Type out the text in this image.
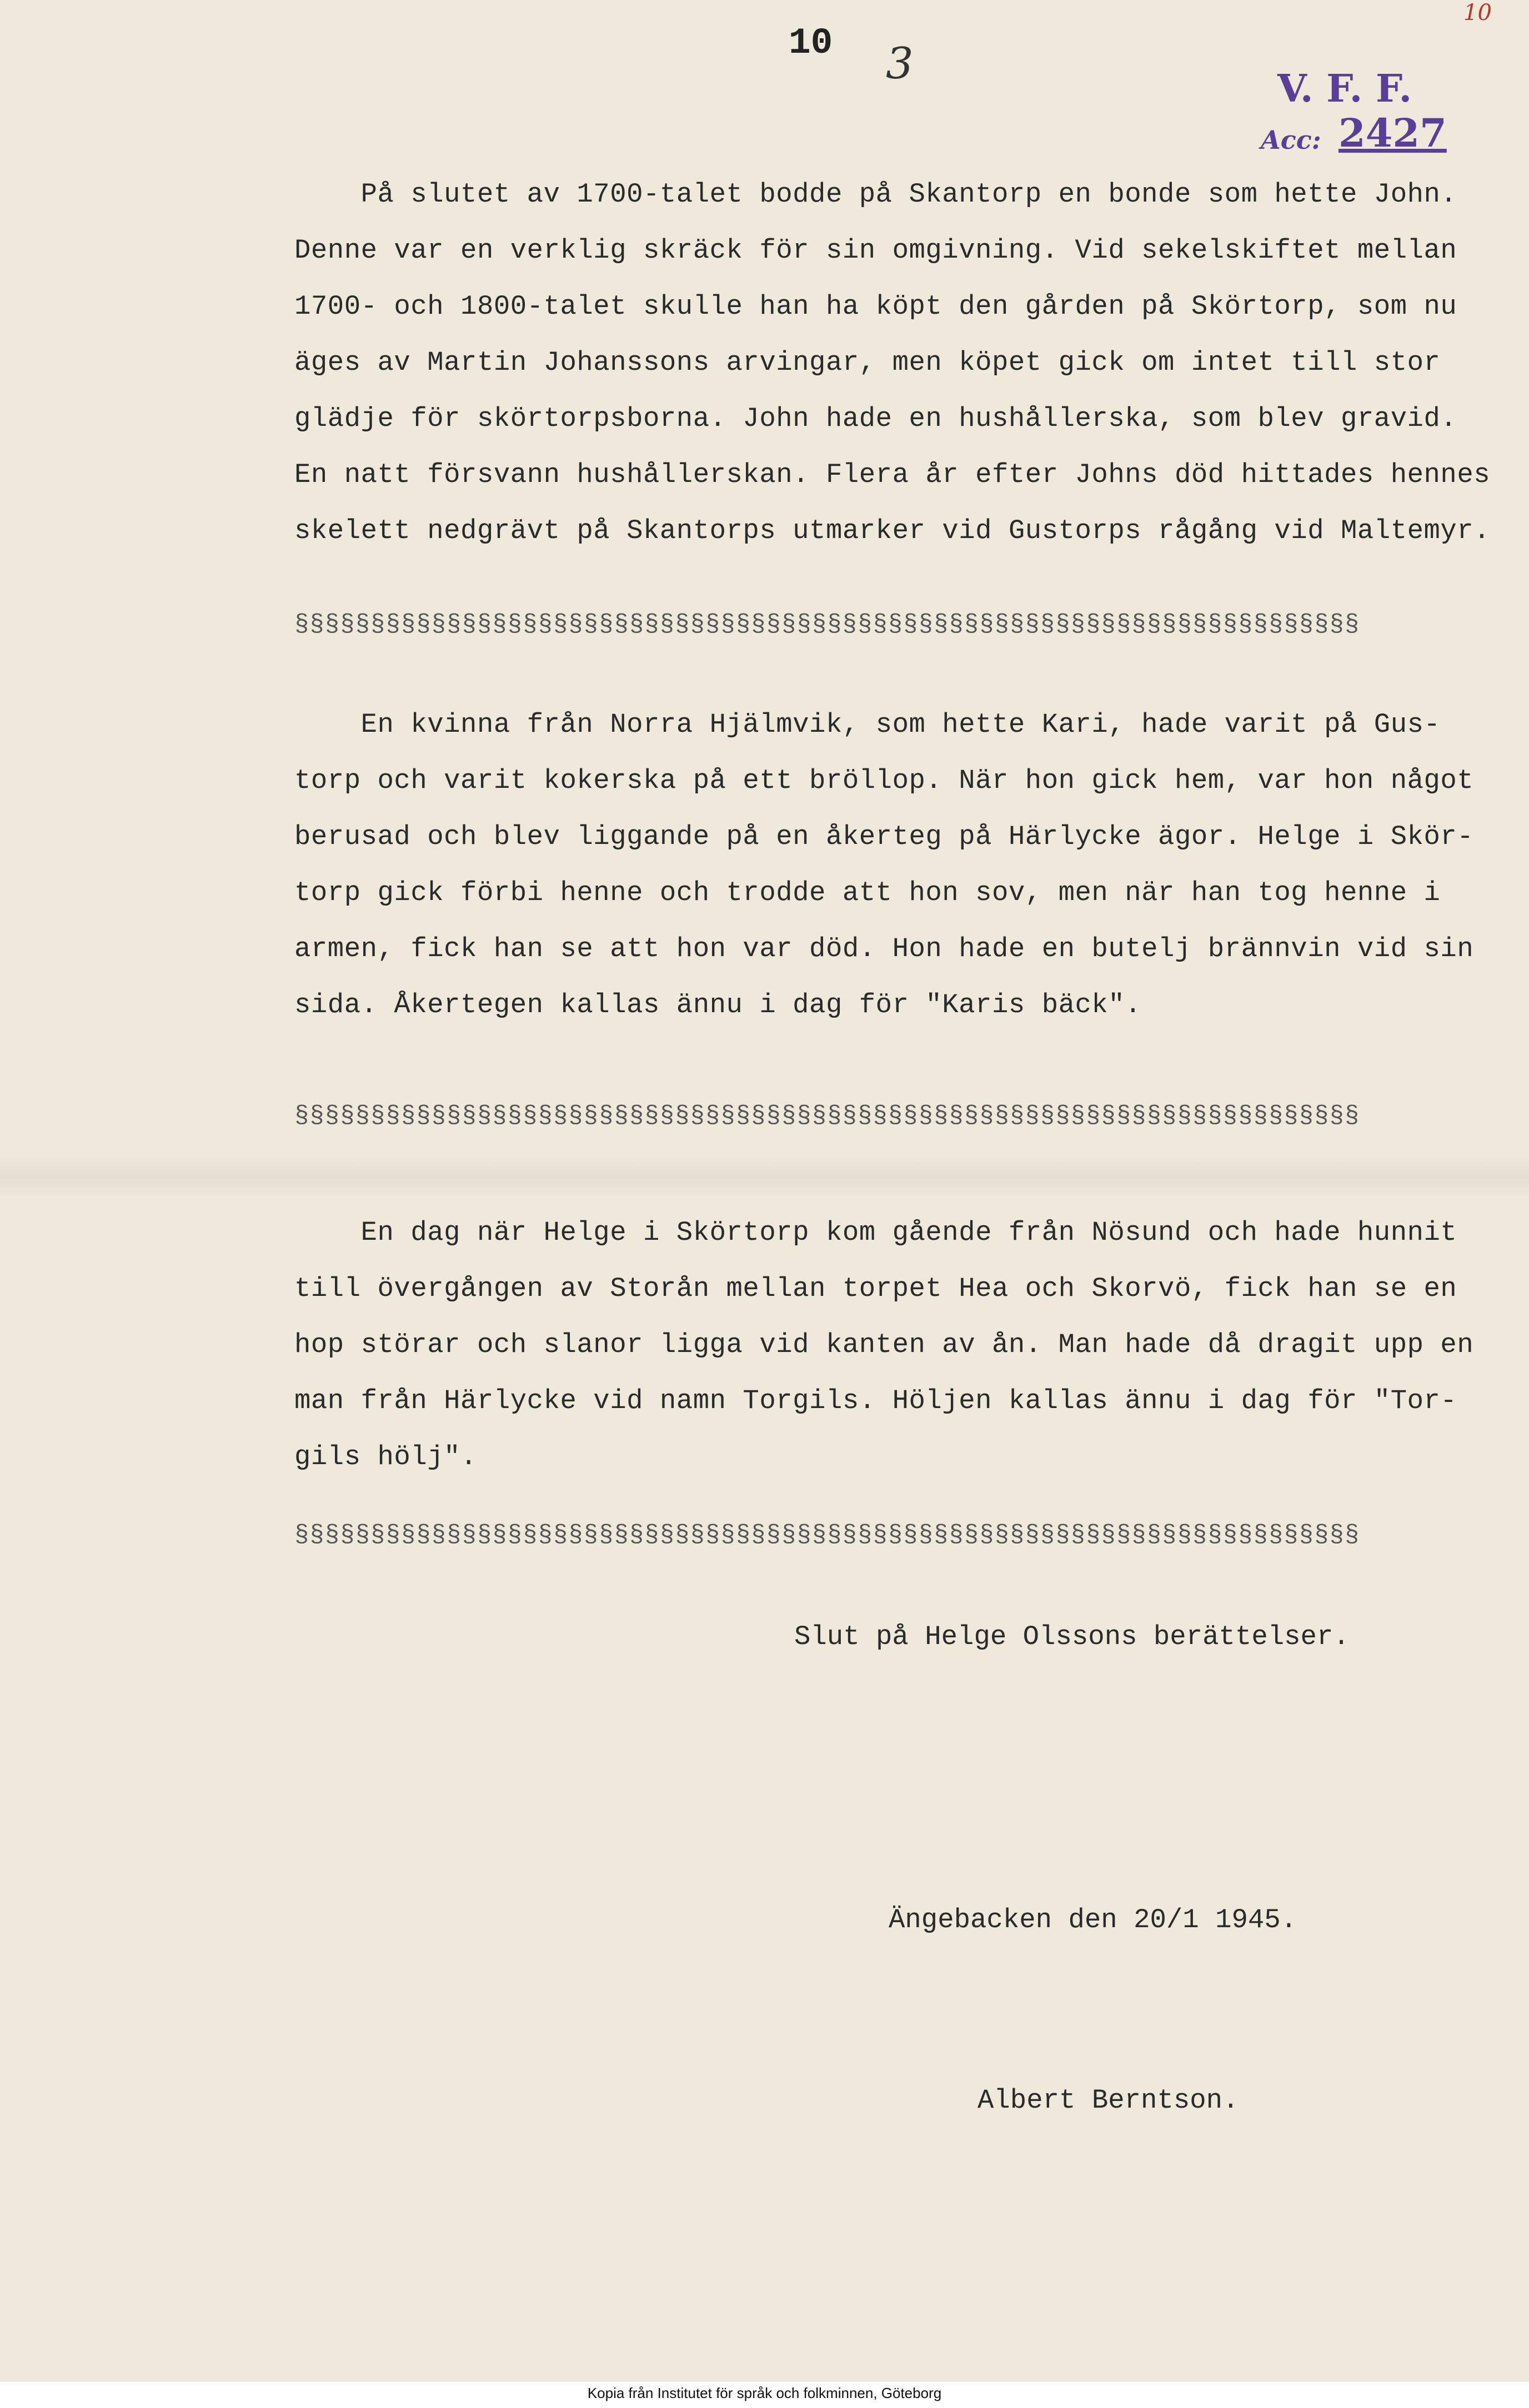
10 3
10
V. F. F.
Acc: 2427
På slutet av 1700-talet bodde på Skantorp en bonde som hette John.
Denne var en verklig skräck för sin omgivning. Vid sekelskiftet mellan
1700- och 1800-talet skulle han ha köpt den gården på Skörtorp, som nu
äges av Martin Johanssons arvingar, men köpet gick om intet till stor
glädje för skörtorpsborna. John hade en hushållerska, som blev gravid.
En natt försvann hushållerskan. Flera år efter Johns död hittades hennes
skelett nedgrävt på Skantorps utmarker vid Gustorps rågång vid Maltemyr.
§§§§§§§§§§§§§§§§§§§§§§§§§§§§§§§§§§§§§§§§§§§§§§§§§§§§§§§§§§§§§§§§§§§§§§
En kvinna från Norra Hjälmvik, som hette Kari, hade varit på Gus-
torp och varit kokerska på ett bröllop. När hon gick hem, var hon något
berusad och blev liggande på en åkerteg på Härlycke ägor. Helge i Skör-
torp gick förbi henne och trodde att hon sov, men när han tog henne i
armen, fick han se att hon var död. Hon hade en butelj brännvin vid sin
sida. Åkertegen kallas ännu i dag för "Karis bäck".
§§§§§§§§§§§§§§§§§§§§§§§§§§§§§§§§§§§§§§§§§§§§§§§§§§§§§§§§§§§§§§§§§§§§§§
En dag när Helge i Skörtorp kom gående från Nösund och hade hunnit
till övergången av Storån mellan torpet Hea och Skorvö, fick han se en
hop störar och slanor ligga vid kanten av ån. Man hade då dragit upp en
man från Härlycke vid namn Torgils. Höljen kallas ännu i dag för "Tor-
gils hölj".
§§§§§§§§§§§§§§§§§§§§§§§§§§§§§§§§§§§§§§§§§§§§§§§§§§§§§§§§§§§§§§§§§§§§§§
Slut på Helge Olssons berättelser.
Ängebacken den 20/1 1945.
Albert Berntson.
Kopia från Institutet för språk och folkminnen, Göteborg
